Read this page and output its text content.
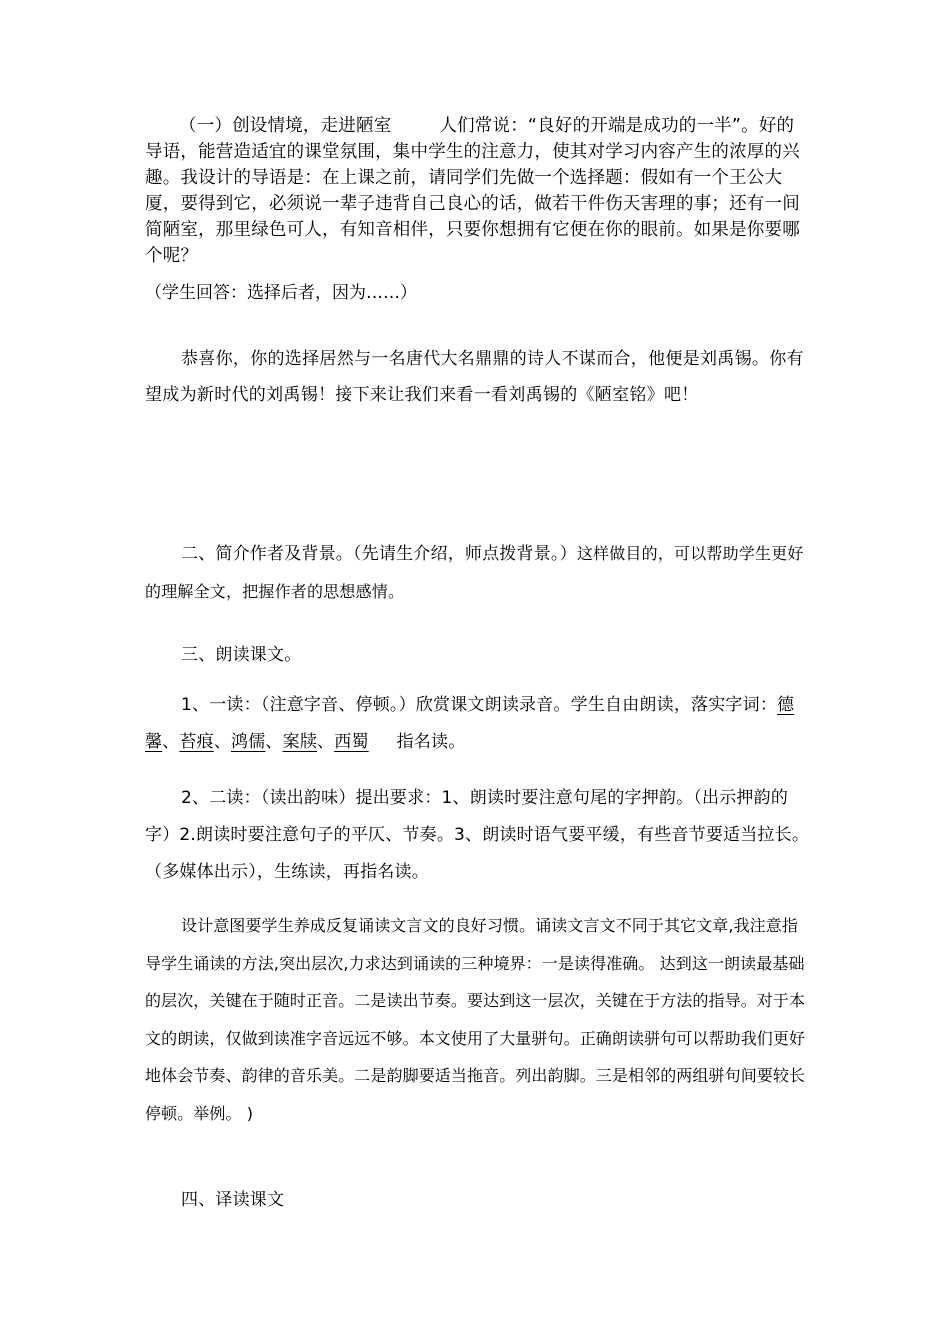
（一）创设情境，走进陋室	人们常说：“良好的开端是成功的一半”。好的导语，能营造适宜的课堂氛围，集中学生的注意力，使其对学习内容产生的浓厚的兴趣。我设计的导语是：在上课之前，请同学们先做一个选择题：假如有一个王公大厦，要得到它，必须说一辈子违背自己良心的话，做若干件伤天害理的事；还有一间简陋室，那里绿色可人，有知音相伴，只要你想拥有它便在你的眼前。如果是你要哪个呢？

（学生回答：选择后者，因为……）

恭喜你，你的选择居然与一名唐代大名鼎鼎的诗人不谋而合，他便是刘禹锡。你有望成为新时代的刘禹锡！接下来让我们来看一看刘禹锡的《陋室铭》吧！

二、简介作者及背景。（先请生介绍，师点拨背景。）这样做目的，可以帮助学生更好的理解全文，把握作者的思想感情。

三、朗读课文。

1、一读：（注意字音、停顿。）欣赏课文朗读录音。学生自由朗读，落实字词：德馨、苔痕、鸿儒、案牍、西蜀 指名读。

2、二读：（读出韵味）提出要求：1、朗读时要注意句尾的字押韵。（出示押韵的字）2.朗读时要注意句子的平仄、节奏。3、朗读时语气要平缓，有些音节要适当拉长。（多媒体出示），生练读，再指名读。

设计意图要学生养成反复诵读文言文的良好习惯。诵读文言文不同于其它文章,我注意指导学生诵读的方法,突出层次,力求达到诵读的三种境界：一是读得准确。 达到这一朗读最基础的层次，关键在于随时正音。二是读出节奏。要达到这一层次，关键在于方法的指导。对于本文的朗读，仅做到读准字音远远不够。本文使用了大量骈句。正确朗读骈句可以帮助我们更好地体会节奏、韵律的音乐美。二是韵脚要适当拖音。列出韵脚。三是相邻的两组骈句间要较长停顿。举例。 )

四、译读课文
